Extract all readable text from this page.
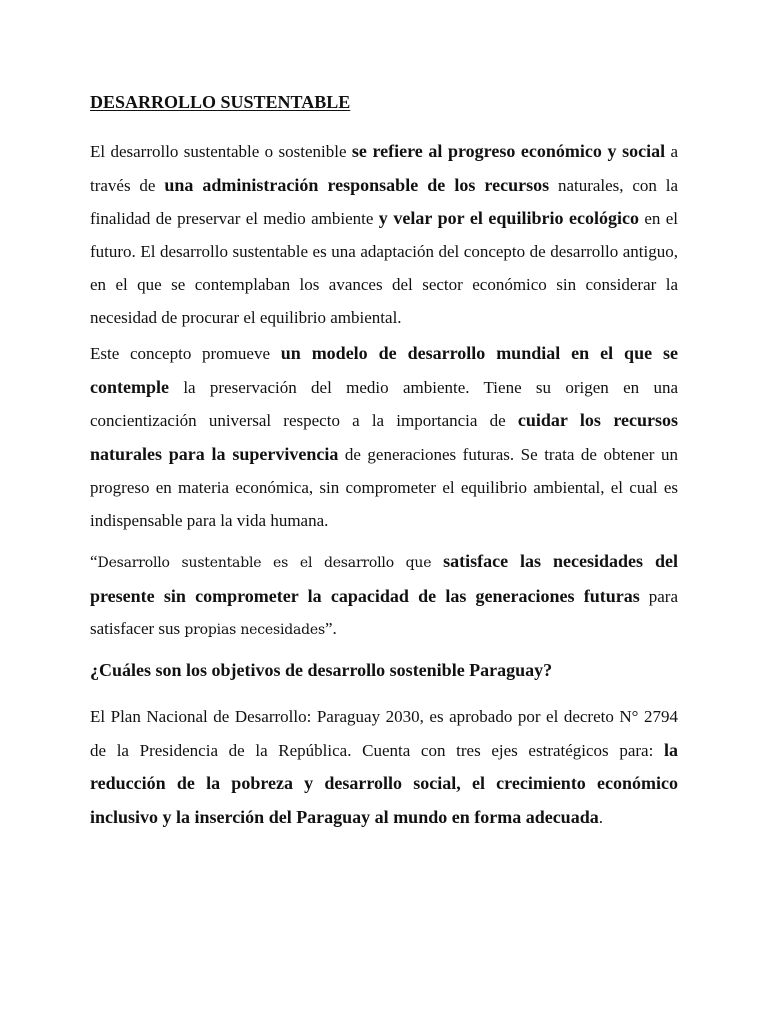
DESARROLLO SUSTENTABLE
El desarrollo sustentable o sostenible se refiere al progreso económico y social a través de una administración responsable de los recursos naturales, con la finalidad de preservar el medio ambiente y velar por el equilibrio ecológico en el futuro. El desarrollo sustentable es una adaptación del concepto de desarrollo antiguo, en el que se contemplaban los avances del sector económico sin considerar la necesidad de procurar el equilibrio ambiental.
Este concepto promueve un modelo de desarrollo mundial en el que se contemple la preservación del medio ambiente. Tiene su origen en una concientización universal respecto a la importancia de cuidar los recursos naturales para la supervivencia de generaciones futuras. Se trata de obtener un progreso en materia económica, sin comprometer el equilibrio ambiental, el cual es indispensable para la vida humana.
“Desarrollo sustentable es el desarrollo que satisface las necesidades del presente sin comprometer la capacidad de las generaciones futuras para satisfacer sus propias necesidades”.
¿Cuáles son los objetivos de desarrollo sostenible Paraguay?
El Plan Nacional de Desarrollo: Paraguay 2030, es aprobado por el decreto N° 2794 de la Presidencia de la República. Cuenta con tres ejes estratégicos para: la reducción de la pobreza y desarrollo social, el crecimiento económico inclusivo y la inserción del Paraguay al mundo en forma adecuada.
